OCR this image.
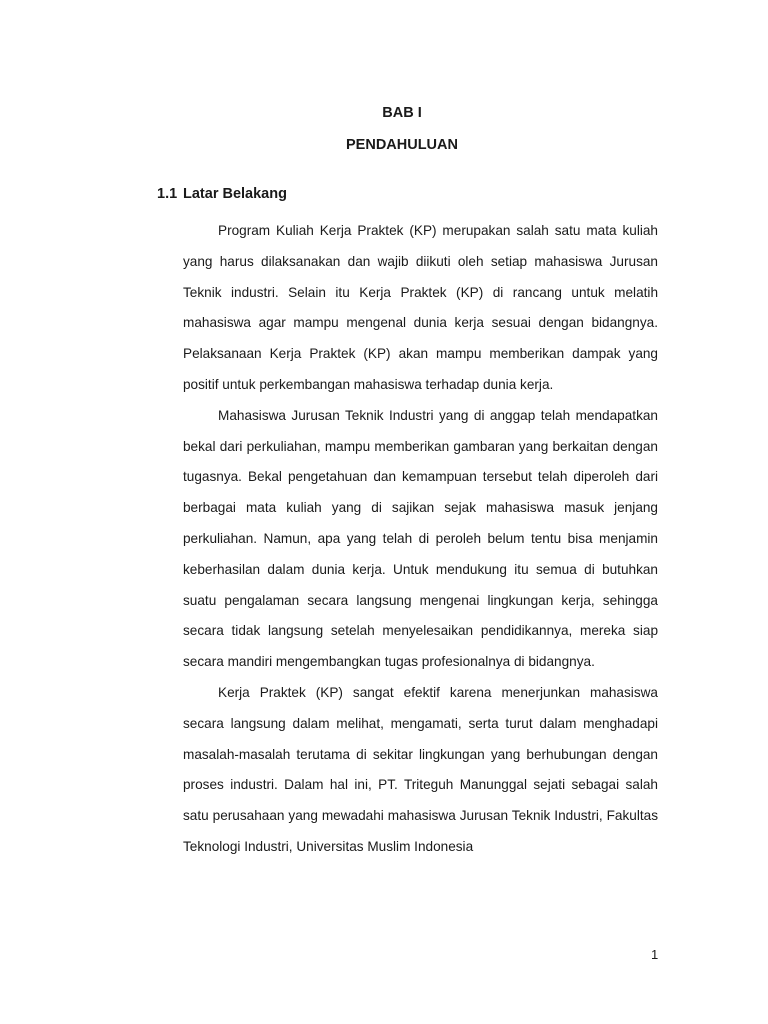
BAB I
PENDAHULUAN
1.1 Latar Belakang

Program Kuliah Kerja Praktek (KP) merupakan salah satu mata kuliah yang harus dilaksanakan dan wajib diikuti oleh setiap mahasiswa Jurusan Teknik industri. Selain itu Kerja Praktek (KP) di rancang untuk melatih mahasiswa agar mampu mengenal dunia kerja sesuai dengan bidangnya. Pelaksanaan Kerja Praktek (KP) akan mampu memberikan dampak yang positif untuk perkembangan mahasiswa terhadap dunia kerja.

Mahasiswa Jurusan Teknik Industri yang di anggap telah mendapatkan bekal dari perkuliahan, mampu memberikan gambaran yang berkaitan dengan tugasnya. Bekal pengetahuan dan kemampuan tersebut telah diperoleh dari berbagai mata kuliah yang di sajikan sejak mahasiswa masuk jenjang perkuliahan. Namun, apa yang telah di peroleh belum tentu bisa menjamin keberhasilan dalam dunia kerja. Untuk mendukung itu semua di butuhkan suatu pengalaman secara langsung mengenai lingkungan kerja, sehingga secara tidak langsung setelah menyelesaikan pendidikannya, mereka siap secara mandiri mengembangkan tugas profesionalnya di bidangnya.

Kerja Praktek (KP) sangat efektif karena menerjunkan mahasiswa secara langsung dalam melihat, mengamati, serta turut dalam menghadapi masalah-masalah terutama di sekitar lingkungan yang berhubungan dengan proses industri. Dalam hal ini, PT. Triteguh Manunggal sejati sebagai salah satu perusahaan yang mewadahi mahasiswa Jurusan Teknik Industri, Fakultas Teknologi Industri, Universitas Muslim Indonesia

1
